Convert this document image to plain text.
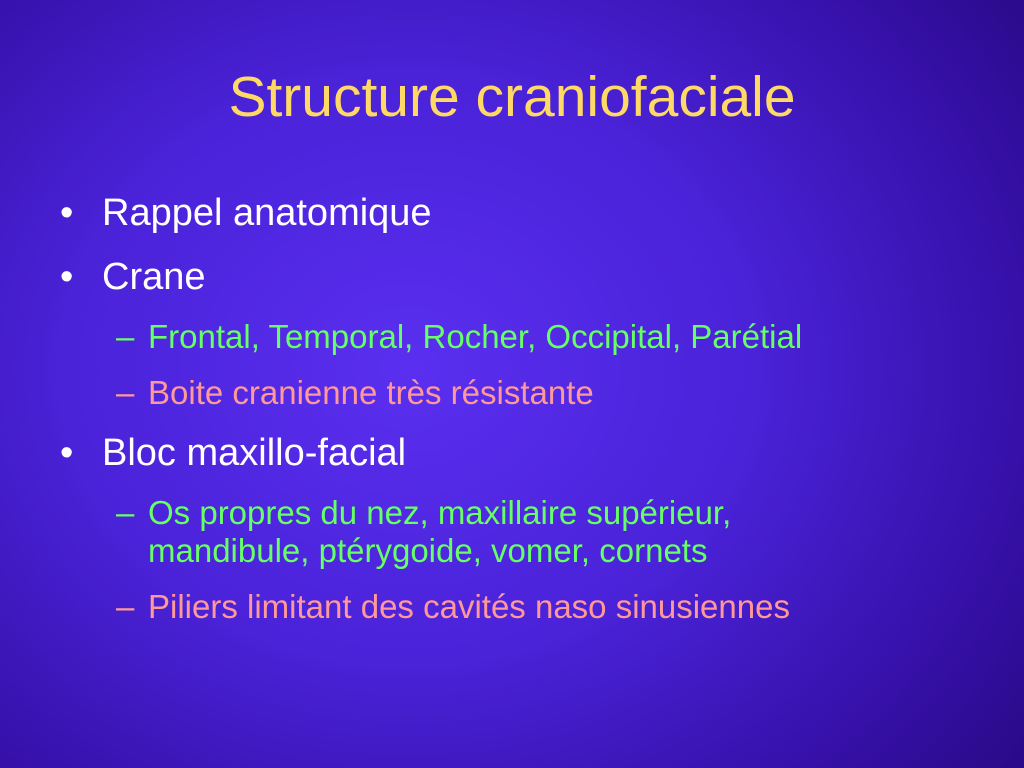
Structure craniofaciale
• Rappel anatomique
• Crane
– Frontal, Temporal, Rocher, Occipital, Parétial
– Boite cranienne très résistante
• Bloc maxillo-facial
– Os propres du nez, maxillaire supérieur,
mandibule, ptérygoide, vomer, cornets
– Piliers limitant des cavités naso sinusiennes
